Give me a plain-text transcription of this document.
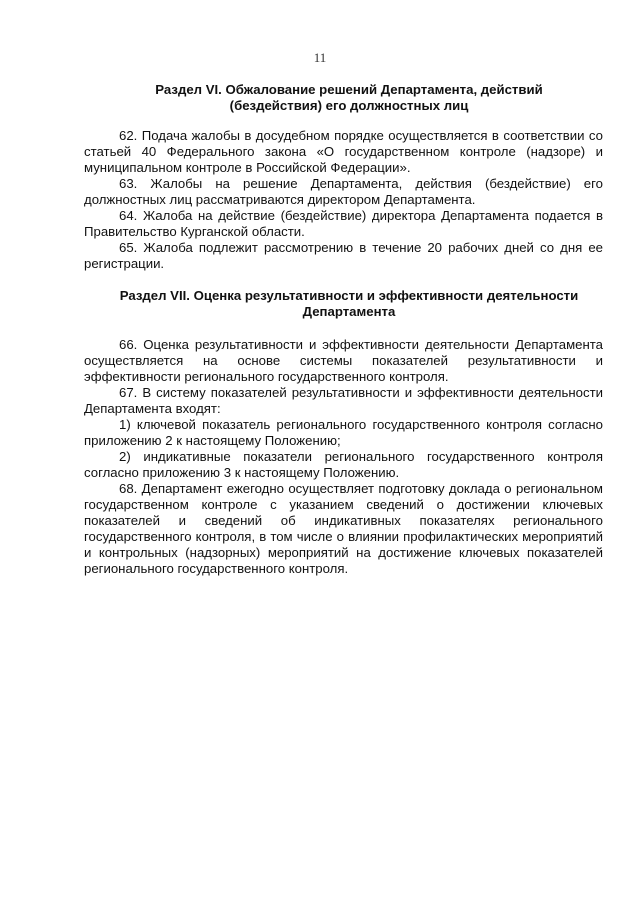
11
Раздел VI. Обжалование решений Департамента, действий
(бездействия) его должностных лиц
62. Подача жалобы в досудебном порядке осуществляется в соответствии со статьей 40 Федерального закона «О государственном контроле (надзоре) и муниципальном контроле в Российской Федерации».
63. Жалобы на решение Департамента, действия (бездействие) его должностных лиц рассматриваются директором Департамента.
64. Жалоба на действие (бездействие) директора Департамента подается в Правительство Курганской области.
65. Жалоба подлежит рассмотрению в течение 20 рабочих дней со дня ее регистрации.
Раздел VII. Оценка результативности и эффективности деятельности
Департамента
66. Оценка результативности и эффективности деятельности Департамента осуществляется на основе системы показателей результативности и эффективности регионального государственного контроля.
67. В систему показателей результативности и эффективности деятельности Департамента входят:
1) ключевой показатель регионального государственного контроля согласно приложению 2 к настоящему Положению;
2) индикативные показатели регионального государственного контроля согласно приложению 3 к настоящему Положению.
68. Департамент ежегодно осуществляет подготовку доклада о региональном государственном контроле с указанием сведений о достижении ключевых показателей и сведений об индикативных показателях регионального государственного контроля, в том числе о влиянии профилактических мероприятий и контрольных (надзорных) мероприятий на достижение ключевых показателей регионального государственного контроля.
